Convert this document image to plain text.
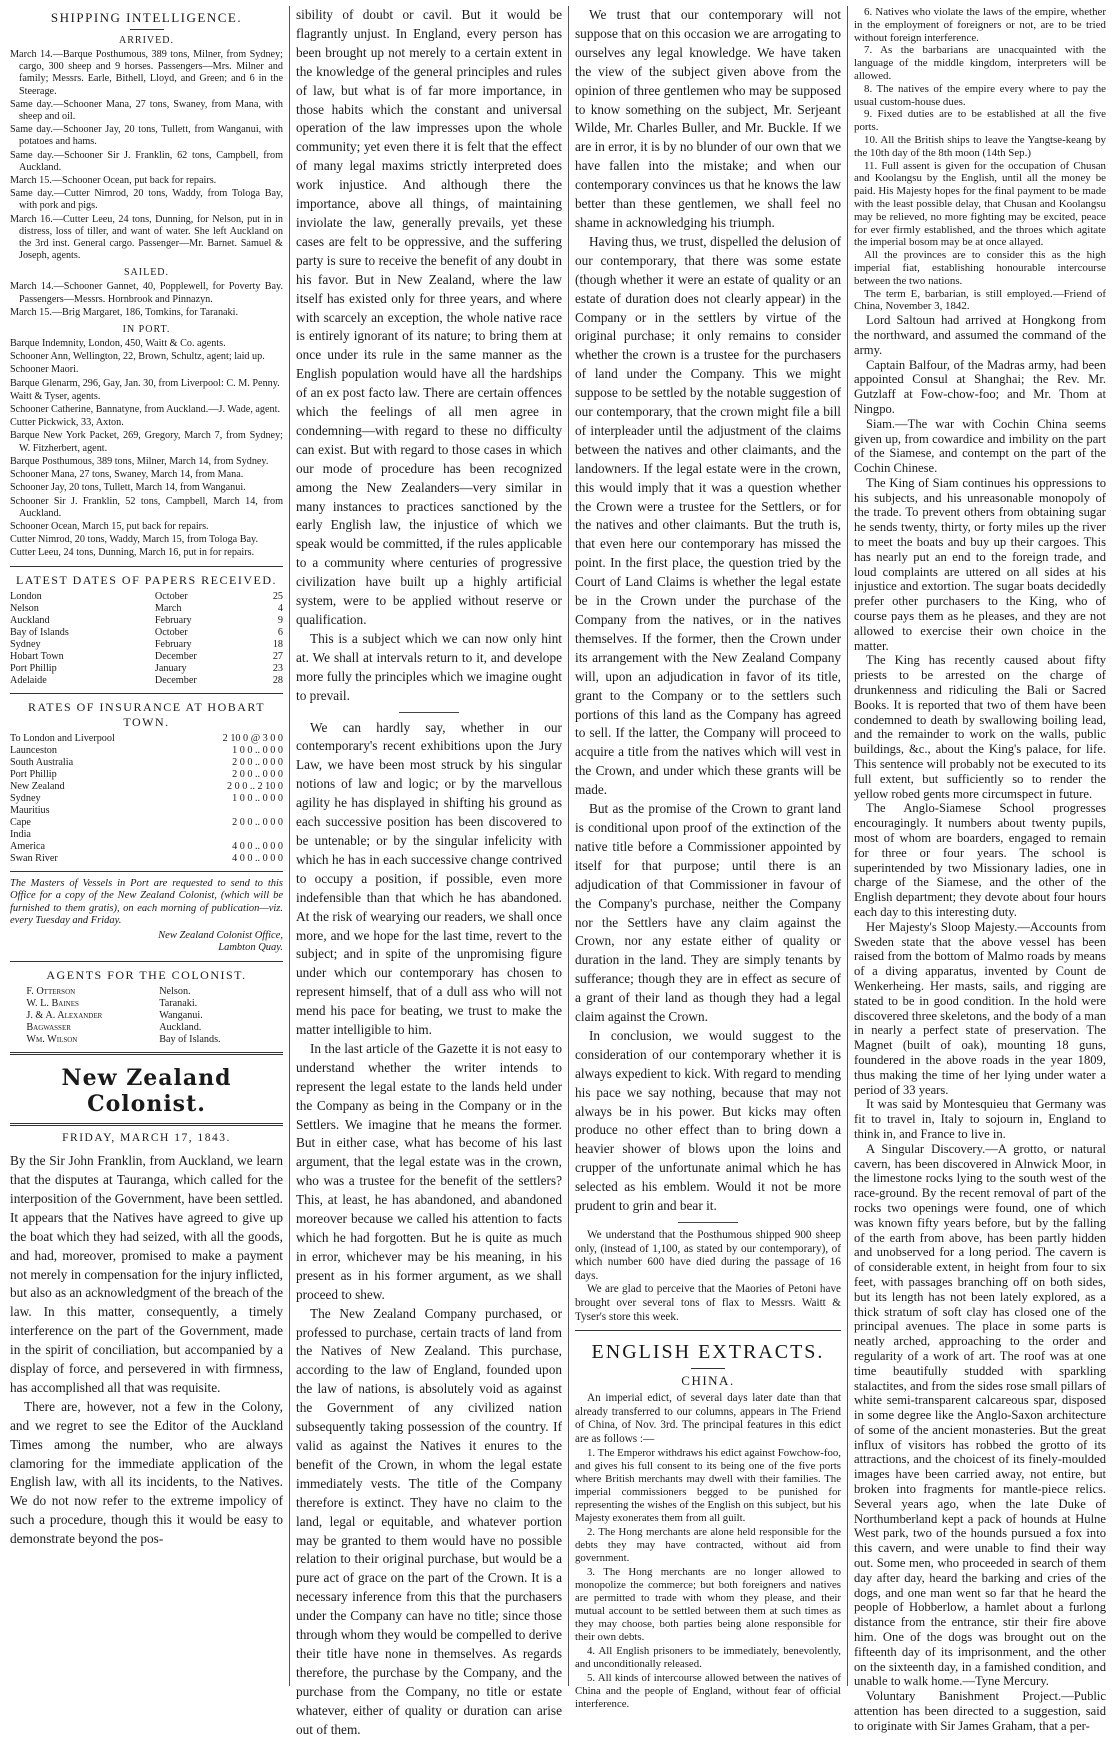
SHIPPING INTELLIGENCE.
ARRIVED.

March 14.—Barque Posthumous, 389 tons, Milner, from Sydney; cargo, 300 sheep and 9 horses. Passengers—Mrs. Milner and family; Messrs. Earle, Bithell, Lloyd, and Green; and 6 in the Steerage.

Same day.—Schooner Mana, 27 tons, Swaney, from Mana, with sheep and oil.

Same day.—Schooner Jay, 20 tons, Tullett, from Wanganui, with potatoes and hams.

Same day.—Schooner Sir J. Franklin, 62 tons, Campbell, from Auckland.

March 15.—Schooner Ocean, put back for repairs.

Same day.—Cutter Nimrod, 20 tons, Waddy, from Tologa Bay, with pork and pigs.

March 16.—Cutter Leeu, 24 tons, Dunning, for Nelson, put in in distress, loss of tiller, and want of water. She left Auckland on the 3rd inst. General cargo. Passenger—Mr. Barnet. Samuel & Joseph, agents.

SAILED.

March 14.—Schooner Gannet, 40, Popplewell, for Poverty Bay. Passengers—Messrs. Hornbrook and Pinnazyn.

March 15.—Brig Margaret, 186, Tomkins, for Taranaki.

IN PORT.

Barque Indemnity, London, 450, Waitt & Co. agents.

Schooner Ann, Wellington, 22, Brown, Schultz, agent; laid up.

Schooner Maori.

Barque Glenarm, 296, Gay, Jan. 30, from Liverpool: C. M. Penny.

Waitt & Tyser, agents.

Schooner Catherine, Bannatyne, from Auckland.—J. Wade, agent.

Cutter Pickwick, 33, Axton.

Barque New York Packet, 269, Gregory, March 7, from Sydney; W. Fitzherbert, agent.

Barque Posthumous, 389 tons, Milner, March 14, from Sydney.

Schooner Mana, 27 tons, Swaney, March 14, from Mana.

Schooner Jay, 20 tons, Tullett, March 14, from Wanganui.

Schooner Sir J. Franklin, 52 tons, Campbell, March 14, from Auckland.

Schooner Ocean, March 15, put back for repairs.

Cutter Nimrod, 20 tons, Waddy, March 15, from Tologa Bay.

Cutter Leeu, 24 tons, Dunning, March 16, put in for repairs.

LATEST DATES OF PAPERS RECEIVED.
London	October	25
Nelson	March	4
Auckland	February	9
Bay of Islands	October	6
Sydney	February	18
Hobart Town	December	27
Port Phillip	January	23
Adelaide	December	28
RATES OF INSURANCE AT HOBART TOWN.
To London and Liverpool	2 10 0 @ 3 0 0
Launceston	1 0 0 .. 0 0 0
South Australia	2 0 0 .. 0 0 0
Port Phillip	2 0 0 .. 0 0 0
New Zealand	2 0 0 .. 2 10 0
Sydney	1 0 0 .. 0 0 0
Mauritius	
Cape	2 0 0 .. 0 0 0
India	
America	4 0 0 .. 0 0 0
Swan River	4 0 0 .. 0 0 0

The Masters of Vessels in Port are requested to send to this Office for a copy of the New Zealand Colonist, (which will be furnished to them gratis), on each morning of publication—viz. every Tuesday and Friday.

New Zealand Colonist Office,

Lambton Quay.

AGENTS FOR THE COLONIST.
F. Otterson	Nelson.
W. L. Baines	Taranaki.
J. & A. Alexander	Wanganui.
Bagwasser	Auckland.
Wm. Wilson	Bay of Islands.
New Zealand Colonist.
FRIDAY, MARCH 17, 1843.

By the Sir John Franklin, from Auckland, we learn that the disputes at Tauranga, which called for the interposition of the Government, have been settled. It appears that the Natives have agreed to give up the boat which they had seized, with all the goods, and had, moreover, promised to make a payment not merely in compensation for the injury inflicted, but also as an acknowledgment of the breach of the law. In this matter, consequently, a timely interference on the part of the Government, made in the spirit of conciliation, but accompanied by a display of force, and persevered in with firmness, has accomplished all that was requisite.

There are, however, not a few in the Colony, and we regret to see the Editor of the Auckland Times among the number, who are always clamoring for the immediate application of the English law, with all its incidents, to the Natives. We do not now refer to the extreme impolicy of such a procedure, though this it would be easy to demonstrate beyond the pos-

sibility of doubt or cavil. But it would be flagrantly unjust. In England, every person has been brought up not merely to a certain extent in the knowledge of the general principles and rules of law, but what is of far more importance, in those habits which the constant and universal operation of the law impresses upon the whole community; yet even there it is felt that the effect of many legal maxims strictly interpreted does work injustice. And although there the importance, above all things, of maintaining inviolate the law, generally prevails, yet these cases are felt to be oppressive, and the suffering party is sure to receive the benefit of any doubt in his favor. But in New Zealand, where the law itself has existed only for three years, and where with scarcely an exception, the whole native race is entirely ignorant of its nature; to bring them at once under its rule in the same manner as the English population would have all the hardships of an ex post facto law. There are certain offences which the feelings of all men agree in condemning—with regard to these no difficulty can exist. But with regard to those cases in which our mode of procedure has been recognized among the New Zealanders—very similar in many instances to practices sanctioned by the early English law, the injustice of which we speak would be committed, if the rules applicable to a community where centuries of progressive civilization have built up a highly artificial system, were to be applied without reserve or qualification.

This is a subject which we can now only hint at. We shall at intervals return to it, and develope more fully the principles which we imagine ought to prevail.

We can hardly say, whether in our contemporary's recent exhibitions upon the Jury Law, we have been most struck by his singular notions of law and logic; or by the marvellous agility he has displayed in shifting his ground as each successive position has been discovered to be untenable; or by the singular infelicity with which he has in each successive change contrived to occupy a position, if possible, even more indefensible than that which he has abandoned. At the risk of wearying our readers, we shall once more, and we hope for the last time, revert to the subject; and in spite of the unpromising figure under which our contemporary has chosen to represent himself, that of a dull ass who will not mend his pace for beating, we trust to make the matter intelligible to him.

In the last article of the Gazette it is not easy to understand whether the writer intends to represent the legal estate to the lands held under the Company as being in the Company or in the Settlers. We imagine that he means the former. But in either case, what has become of his last argument, that the legal estate was in the crown, who was a trustee for the benefit of the settlers? This, at least, he has abandoned, and abandoned moreover because we called his attention to facts which he had forgotten. But he is quite as much in error, whichever may be his meaning, in his present as in his former argument, as we shall proceed to shew.

The New Zealand Company purchased, or professed to purchase, certain tracts of land from the Natives of New Zealand. This purchase, according to the law of England, founded upon the law of nations, is absolutely void as against the Government of any civilized nation subsequently taking possession of the country. If valid as against the Natives it enures to the benefit of the Crown, in whom the legal estate immediately vests. The title of the Company therefore is extinct. They have no claim to the land, legal or equitable, and whatever portion may be granted to them would have no possible relation to their original purchase, but would be a pure act of grace on the part of the Crown. It is a necessary inference from this that the purchasers under the Company can have no title; since those through whom they would be compelled to derive their title have none in themselves. As regards therefore, the purchase by the Company, and the purchase from the Company, no title or estate whatever, either of quality or duration can arise out of them.

We trust that our contemporary will not suppose that on this occasion we are arrogating to ourselves any legal knowledge. We have taken the view of the subject given above from the opinion of three gentlemen who may be supposed to know something on the subject, Mr. Serjeant Wilde, Mr. Charles Buller, and Mr. Buckle. If we are in error, it is by no blunder of our own that we have fallen into the mistake; and when our contemporary convinces us that he knows the law better than these gentlemen, we shall feel no shame in acknowledging his triumph.

Having thus, we trust, dispelled the delusion of our contemporary, that there was some estate (though whether it were an estate of quality or an estate of duration does not clearly appear) in the Company or in the settlers by virtue of the original purchase; it only remains to consider whether the crown is a trustee for the purchasers of land under the Company. This we might suppose to be settled by the notable suggestion of our contemporary, that the crown might file a bill of interpleader until the adjustment of the claims between the natives and other claimants, and the landowners. If the legal estate were in the crown, this would imply that it was a question whether the Crown were a trustee for the Settlers, or for the natives and other claimants. But the truth is, that even here our contemporary has missed the point. In the first place, the question tried by the Court of Land Claims is whether the legal estate be in the Crown under the purchase of the Company from the natives, or in the natives themselves. If the former, then the Crown under its arrangement with the New Zealand Company will, upon an adjudication in favor of its title, grant to the Company or to the settlers such portions of this land as the Company has agreed to sell. If the latter, the Company will proceed to acquire a title from the natives which will vest in the Crown, and under which these grants will be made.

But as the promise of the Crown to grant land is conditional upon proof of the extinction of the native title before a Commissioner appointed by itself for that purpose; until there is an adjudication of that Commissioner in favour of the Company's purchase, neither the Company nor the Settlers have any claim against the Crown, nor any estate either of quality or duration in the land. They are simply tenants by sufferance; though they are in effect as secure of a grant of their land as though they had a legal claim against the Crown.

In conclusion, we would suggest to the consideration of our contemporary whether it is always expedient to kick. With regard to mending his pace we say nothing, because that may not always be in his power. But kicks may often produce no other effect than to bring down a heavier shower of blows upon the loins and crupper of the unfortunate animal which he has selected as his emblem. Would it not be more prudent to grin and bear it.

We understand that the Posthumous shipped 900 sheep only, (instead of 1,100, as stated by our contemporary), of which number 600 have died during the passage of 16 days.

We are glad to perceive that the Maories of Petoni have brought over several tons of flax to Messrs. Waitt & Tyser's store this week.

ENGLISH EXTRACTS.
CHINA.

An imperial edict, of several days later date than that already transferred to our columns, appears in The Friend of China, of Nov. 3rd. The principal features in this edict are as follows :—

1. The Emperor withdraws his edict against Fowchow-foo, and gives his full consent to its being one of the five ports where British merchants may dwell with their families. The imperial commissioners begged to be punished for representing the wishes of the English on this subject, but his Majesty exonerates them from all guilt.

2. The Hong merchants are alone held responsible for the debts they may have contracted, without aid from government.

3. The Hong merchants are no longer allowed to monopolize the commerce; but both foreigners and natives are permitted to trade with whom they please, and their mutual account to be settled between them at such times as they may choose, both parties being alone responsible for their own debts.

4. All English prisoners to be immediately, benevolently, and unconditionally released.

5. All kinds of intercourse allowed between the natives of China and the people of England, without fear of official interference.

6. Natives who violate the laws of the empire, whether in the employment of foreigners or not, are to be tried without foreign interference.

7. As the barbarians are unacquainted with the language of the middle kingdom, interpreters will be allowed.

8. The natives of the empire every where to pay the usual custom-house dues.

9. Fixed duties are to be established at all the five ports.

10. All the British ships to leave the Yangtse-keang by the 10th day of the 8th moon (14th Sep.)

11. Full assent is given for the occupation of Chusan and Koolangsu by the English, until all the money be paid. His Majesty hopes for the final payment to be made with the least possible delay, that Chusan and Koolangsu may be relieved, no more fighting may be excited, peace for ever firmly established, and the throes which agitate the imperial bosom may be at once allayed.

All the provinces are to consider this as the high imperial fiat, establishing honourable intercourse between the two nations.

The term E, barbarian, is still employed.—Friend of China, November 3, 1842.

Lord Saltoun had arrived at Hongkong from the northward, and assumed the command of the army.

Captain Balfour, of the Madras army, had been appointed Consul at Shanghai; the Rev. Mr. Gutzlaff at Fow-chow-foo; and Mr. Thom at Ningpo.

Siam.—The war with Cochin China seems given up, from cowardice and imbility on the part of the Siamese, and contempt on the part of the Cochin Chinese.

The King of Siam continues his oppressions to his subjects, and his unreasonable monopoly of the trade. To prevent others from obtaining sugar he sends twenty, thirty, or forty miles up the river to meet the boats and buy up their cargoes. This has nearly put an end to the foreign trade, and loud complaints are uttered on all sides at his injustice and extortion. The sugar boats decidedly prefer other purchasers to the King, who of course pays them as he pleases, and they are not allowed to exercise their own choice in the matter.

The King has recently caused about fifty priests to be arrested on the charge of drunkenness and ridiculing the Bali or Sacred Books. It is reported that two of them have been condemned to death by swallowing boiling lead, and the remainder to work on the walls, public buildings, &c., about the King's palace, for life. This sentence will probably not be executed to its full extent, but sufficiently so to render the yellow robed gents more circumspect in future.

The Anglo-Siamese School progresses encouragingly. It numbers about twenty pupils, most of whom are boarders, engaged to remain for three or four years. The school is superintended by two Missionary ladies, one in charge of the Siamese, and the other of the English department; they devote about four hours each day to this interesting duty.

Her Majesty's Sloop Majesty.—Accounts from Sweden state that the above vessel has been raised from the bottom of Malmo roads by means of a diving apparatus, invented by Count de Wenkerheing. Her masts, sails, and rigging are stated to be in good condition. In the hold were discovered three skeletons, and the body of a man in nearly a perfect state of preservation. The Magnet (built of oak), mounting 18 guns, foundered in the above roads in the year 1809, thus making the time of her lying under water a period of 33 years.

It was said by Montesquieu that Germany was fit to travel in, Italy to sojourn in, England to think in, and France to live in.

A Singular Discovery.—A grotto, or natural cavern, has been discovered in Alnwick Moor, in the limestone rocks lying to the south west of the race-ground. By the recent removal of part of the rocks two openings were found, one of which was known fifty years before, but by the falling of the earth from above, has been partly hidden and unobserved for a long period. The cavern is of considerable extent, in height from four to six feet, with passages branching off on both sides, but its length has not been lately explored, as a thick stratum of soft clay has closed one of the principal avenues. The place in some parts is neatly arched, approaching to the order and regularity of a work of art. The roof was at one time beautifully studded with sparkling stalactites, and from the sides rose small pillars of white semi-transparent calcareous spar, disposed in some degree like the Anglo-Saxon architecture of some of the ancient monasteries. But the great influx of visitors has robbed the grotto of its attractions, and the choicest of its finely-moulded images have been carried away, not entire, but broken into fragments for mantle-piece relics. Several years ago, when the late Duke of Northumberland kept a pack of hounds at Hulne West park, two of the hounds pursued a fox into this cavern, and were unable to find their way out. Some men, who proceeded in search of them day after day, heard the barking and cries of the dogs, and one man went so far that he heard the people of Hobberlow, a hamlet about a furlong distance from the entrance, stir their fire above him. One of the dogs was brought out on the fifteenth day of its imprisonment, and the other on the sixteenth day, in a famished condition, and unable to walk home.—Tyne Mercury.

Voluntary Banishment Project.—Public attention has been directed to a suggestion, said to originate with Sir James Graham, that a per-
